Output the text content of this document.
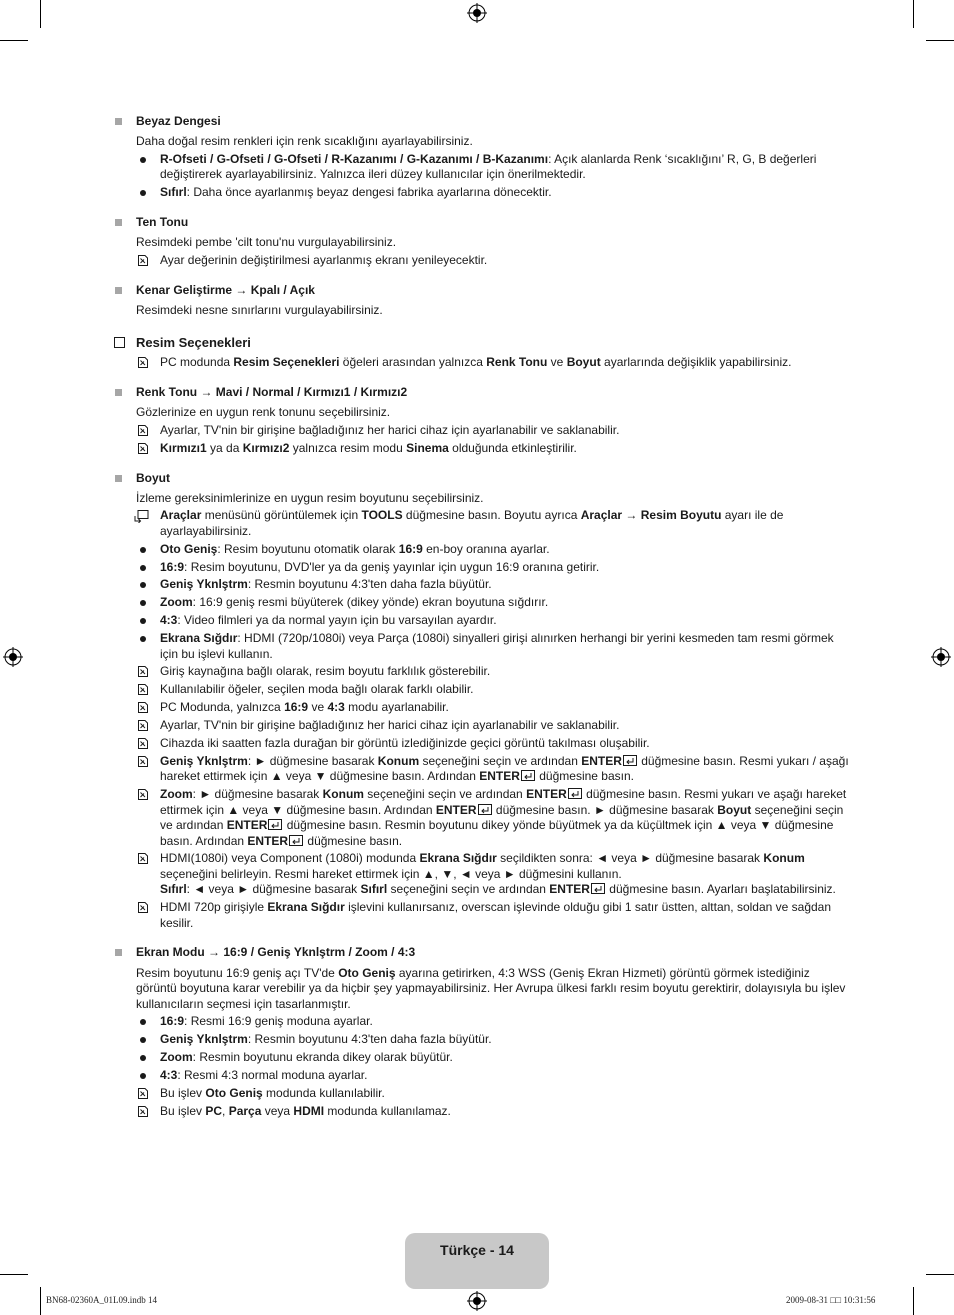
Beyaz Dengesi
Daha doğal resim renkleri için renk sıcaklığını ayarlayabilirsiniz.
R-Ofseti / G-Ofseti / G-Ofseti / R-Kazanımı / G-Kazanımı / B-Kazanımı: Açık alanlarda Renk ‘sıcaklığını’ R, G, B değerleri değiştirerek ayarlayabilirsiniz. Yalnızca ileri düzey kullanıcılar için önerilmektedir.
Sıfırl: Daha önce ayarlanmış beyaz dengesi fabrika ayarlarına dönecektir.
Ten Tonu
Resimdeki pembe 'cilt tonu'nu vurgulayabilirsiniz.
Ayar değerinin değiştirilmesi ayarlanmış ekranı yenileyecektir.
Kenar Geliştirme → Kpalı / Açık
Resimdeki nesne sınırlarını vurgulayabilirsiniz.
Resim Seçenekleri
PC modunda Resim Seçenekleri öğeleri arasından yalnızca Renk Tonu ve Boyut ayarlarında değişiklik yapabilirsiniz.
Renk Tonu → Mavi / Normal / Kırmızı1 / Kırmızı2
Gözlerinize en uygun renk tonunu seçebilirsiniz.
Ayarlar, TV'nin bir girişine bağladığınız her harici cihaz için ayarlanabilir ve saklanabilir.
Kırmızı1 ya da Kırmızı2 yalnızca resim modu Sinema olduğunda etkinleştirilir.
Boyut
İzleme gereksinimlerinize en uygun resim boyutunu seçebilirsiniz.
Araçlar menüsünü görüntülemek için TOOLS düğmesine basın. Boyutu ayrıca Araçlar → Resim Boyutu ayarı ile de ayarlayabilirsiniz.
Oto Geniş: Resim boyutunu otomatik olarak 16:9 en-boy oranına ayarlar.
16:9: Resim boyutunu, DVD'ler ya da geniş yayınlar için uygun 16:9 oranına getirir.
Geniş Yknlştrm: Resmin boyutunu 4:3'ten daha fazla büyütür.
Zoom: 16:9 geniş resmi büyüterek (dikey yönde) ekran boyutuna sığdırır.
4:3: Video filmleri ya da normal yayın için bu varsayılan ayardır.
Ekrana Sığdır: HDMI (720p/1080i) veya Parça (1080i) sinyalleri girişi alınırken herhangi bir yerini kesmeden tam resmi görmek için bu işlevi kullanın.
Giriş kaynağına bağlı olarak, resim boyutu farklılık gösterebilir.
Kullanılabilir öğeler, seçilen moda bağlı olarak farklı olabilir.
PC Modunda, yalnızca 16:9 ve 4:3 modu ayarlanabilir.
Ayarlar, TV'nin bir girişine bağladığınız her harici cihaz için ayarlanabilir ve saklanabilir.
Cihazda iki saatten fazla durağan bir görüntü izlediğinizde geçici görüntü takılması oluşabilir.
Geniş Yknlştrm: ► düğmesine basarak Konum seçeneğini seçin ve ardından ENTER düğmesine basın. Resmi yukarı / aşağı hareket ettirmek için ▲ veya ▼ düğmesine basın. Ardından ENTER düğmesine basın.
Zoom: ► düğmesine basarak Konum seçeneğini seçin ve ardından ENTER düğmesine basın. Resmi yukarı ve aşağı hareket ettirmek için ▲ veya ▼ düğmesine basın. Ardından ENTER düğmesine basın. ► düğmesine basarak Boyut seçeneğini seçin ve ardından ENTER düğmesine basın. Resmin boyutunu dikey yönde büyütmek ya da küçültmek için ▲ veya ▼ düğmesine basın. Ardından ENTER düğmesine basın.
HDMI(1080i) veya Component (1080i) modunda Ekrana Sığdır seçildikten sonra: ◄ veya ► düğmesine basarak Konum seçeneğini belirleyin. Resmi hareket ettirmek için ▲, ▼, ◄ veya ► düğmesini kullanın.
Sıfırl: ◄ veya ► düğmesine basarak Sıfırl seçeneğini seçin ve ardından ENTER düğmesine basın. Ayarları başlatabilirsiniz.
HDMI 720p girişiyle Ekrana Sığdır işlevini kullanırsanız, overscan işlevinde olduğu gibi 1 satır üstten, alttan, soldan ve sağdan kesilir.
Ekran Modu → 16:9 / Geniş Yknlştrm / Zoom / 4:3
Resim boyutunu 16:9 geniş açı TV'de Oto Geniş ayarına getirirken, 4:3 WSS (Geniş Ekran Hizmeti) görüntü görmek istediğiniz görüntü boyutuna karar verebilir ya da hiçbir şey yapmayabilirsiniz. Her Avrupa ülkesi farklı resim boyutu gerektirir, dolayısıyla bu işlev kullanıcıların seçmesi için tasarlanmıştır.
16:9: Resmi 16:9 geniş moduna ayarlar.
Geniş Yknlştrm: Resmin boyutunu 4:3'ten daha fazla büyütür.
Zoom: Resmin boyutunu ekranda dikey olarak büyütür.
4:3: Resmi 4:3 normal moduna ayarlar.
Bu işlev Oto Geniş modunda kullanılabilir.
Bu işlev PC, Parça veya HDMI modunda kullanılamaz.
Türkçe - 14
BN68-02360A_01L09.indb 14	2009-08-31 □□ 10:31:56
